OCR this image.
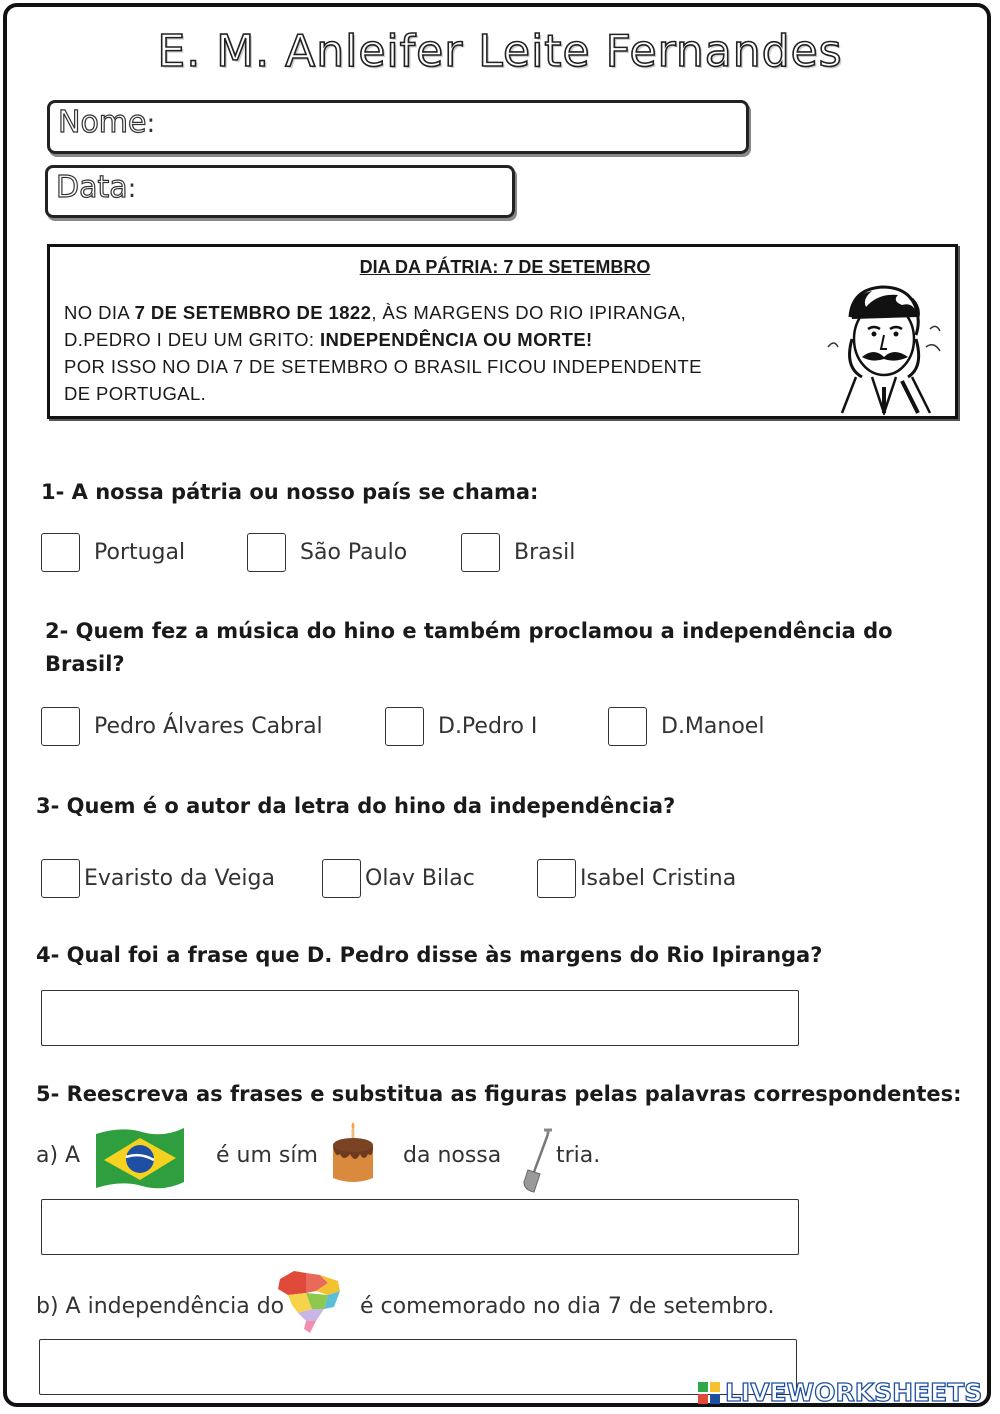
E. M. Anleifer Leite Fernandes
Nome:
Data:
DIA DA PÁTRIA: 7 DE SETEMBRO
NO DIA 7 DE SETEMBRO DE 1822, ÀS MARGENS DO RIO IPIRANGA,
D.PEDRO I DEU UM GRITO: INDEPENDÊNCIA OU MORTE!
POR ISSO NO DIA 7 DE SETEMBRO O BRASIL FICOU INDEPENDENTE
DE PORTUGAL.
1- A nossa pátria ou nosso país se chama:
Portugal	São Paulo	Brasil
2- Quem fez a música do hino e também proclamou a independência do
Brasil?
Pedro Álvares Cabral	D.Pedro I	D.Manoel
3- Quem é o autor da letra do hino da independência?
Evaristo da Veiga	Olav Bilac	Isabel Cristina
4- Qual foi a frase que D. Pedro disse às margens do Rio Ipiranga?
5- Reescreva as frases e substitua as figuras pelas palavras correspondentes:
a) A	é um sím	da nossa tria.
b) A independência do	é comemorado no dia 7 de setembro.
LIVEWORKSHEETS
